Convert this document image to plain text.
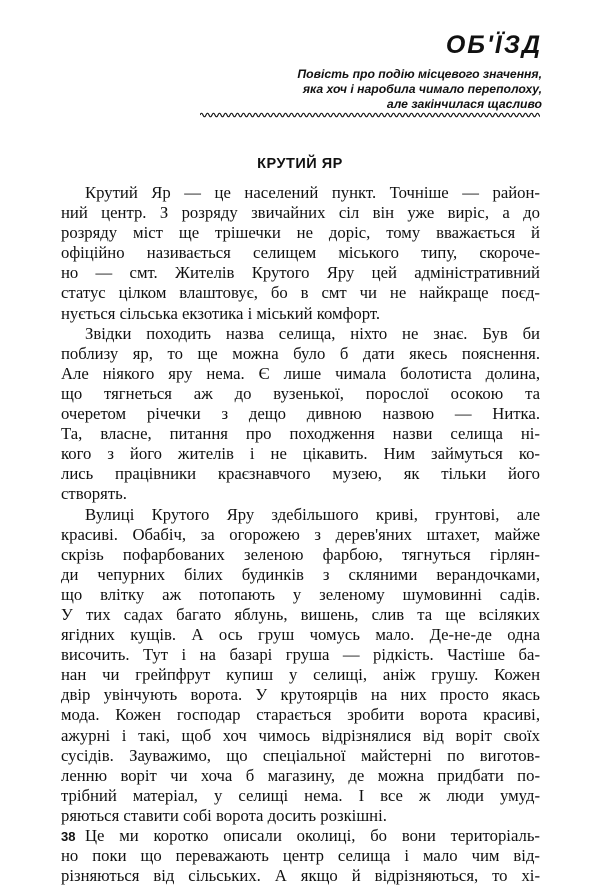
ОБ'ЇЗД
Повість про подію місцевого значення,
яка хоч і наробила чимало переполоху,
але закінчилася щасливо
КРУТИЙ ЯР
Крутий Яр — це населений пункт. Точніше — район-
ний центр. З розряду звичайних сіл він уже виріс, а до
розряду міст ще трішечки не доріс, тому вважається й
офіційно називається селищем міського типу, скороче-
но — смт. Жителів Крутого Яру цей адміністративний
статус цілком влаштовує, бо в смт чи не найкраще поєд-
нується сільська екзотика і міський комфорт.
Звідки походить назва селища, ніхто не знає. Був би
поблизу яр, то ще можна було б дати якесь пояснення.
Але ніякого яру нема. Є лише чимала болотиста долина,
що тягнеться аж до вузенької, порослої осокою та
очеретом річечки з дещо дивною назвою — Нитка.
Та, власне, питання про походження назви селища ні-
кого з його жителів і не цікавить. Ним займуться ко-
лись працівники краєзнавчого музею, як тільки його
створять.
Вулиці Крутого Яру здебільшого криві, грунтові, але
красиві. Обабіч, за огорожею з дерев'яних штахет, майже
скрізь пофарбованих зеленою фарбою, тягнуться гірлян-
ди чепурних білих будинків з скляними верандочками,
що влітку аж потопають у зеленому шумовинні садів.
У тих садах багато яблунь, вишень, слив та ще всіляких
ягідних кущів. А ось груш чомусь мало. Де-не-де одна
височить. Тут і на базарі груша — рідкість. Частіше ба-
нан чи грейпфрут купиш у селищі, аніж грушу. Кожен
двір увінчують ворота. У крутоярців на них просто якась
мода. Кожен господар старається зробити ворота красиві,
ажурні і такі, щоб хоч чимось відрізнялися від воріт своїх
сусідів. Зауважимо, що спеціальної майстерні по виготов-
ленню воріт чи хоча б магазину, де можна придбати по-
трібний матеріал, у селищі нема. І все ж люди умуд-
ряються ставити собі ворота досить розкішні.
Це ми коротко описали околиці, бо вони територіаль-
но поки що переважають центр селища і мало чим від-
різняються від сільських. А якщо й відрізняються, то хі-
38
